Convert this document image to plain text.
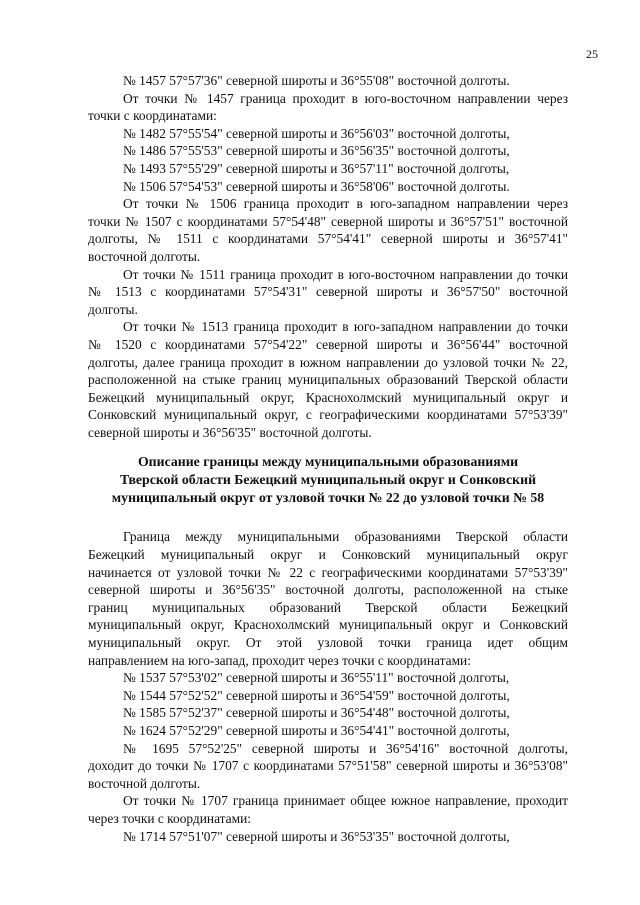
25
№ 1457 57°57'36" северной широты и 36°55'08" восточной долготы.
От точки № 1457 граница проходит в юго-восточном направлении через
точки с координатами:
№ 1482 57°55'54" северной широты и 36°56'03" восточной долготы,
№ 1486 57°55'53" северной широты и 36°56'35" восточной долготы,
№ 1493 57°55'29" северной широты и 36°57'11" восточной долготы,
№ 1506 57°54'53" северной широты и 36°58'06" восточной долготы.
От точки № 1506 граница проходит в юго-западном направлении через
точки № 1507 с координатами 57°54'48" северной широты и 36°57'51" восточной
долготы, № 1511 с координатами 57°54'41" северной широты и 36°57'41"
восточной долготы.
От точки № 1511 граница проходит в юго-восточном направлении до точки
№ 1513 с координатами 57°54'31" северной широты и 36°57'50" восточной
долготы.
От точки № 1513 граница проходит в юго-западном направлении до точки
№ 1520 с координатами 57°54'22" северной широты и 36°56'44" восточной
долготы, далее граница проходит в южном направлении до узловой точки № 22,
расположенной на стыке границ муниципальных образований Тверской области
Бежецкий муниципальный округ, Краснохолмский муниципальный округ и
Сонковский муниципальный округ, с географическими координатами 57°53'39"
северной широты и 36°56'35" восточной долготы.
Описание границы между муниципальными образованиями
Тверской области Бежецкий муниципальный округ и Сонковский
муниципальный округ от узловой точки № 22 до узловой точки № 58
Граница между муниципальными образованиями Тверской области
Бежецкий муниципальный округ и Сонковский муниципальный округ
начинается от узловой точки № 22 с географическими координатами 57°53'39"
северной широты и 36°56'35" восточной долготы, расположенной на стыке
границ муниципальных образований Тверской области Бежецкий
муниципальный округ, Краснохолмский муниципальный округ и Сонковский
муниципальный округ. От этой узловой точки граница идет общим
направлением на юго-запад, проходит через точки с координатами:
№ 1537 57°53'02" северной широты и 36°55'11" восточной долготы,
№ 1544 57°52'52" северной широты и 36°54'59" восточной долготы,
№ 1585 57°52'37" северной широты и 36°54'48" восточной долготы,
№ 1624 57°52'29" северной широты и 36°54'41" восточной долготы,
№ 1695 57°52'25" северной широты и 36°54'16" восточной долготы,
доходит до точки № 1707 с координатами 57°51'58" северной широты и 36°53'08"
восточной долготы.
От точки № 1707 граница принимает общее южное направление, проходит
через точки с координатами:
№ 1714 57°51'07" северной широты и 36°53'35" восточной долготы,
